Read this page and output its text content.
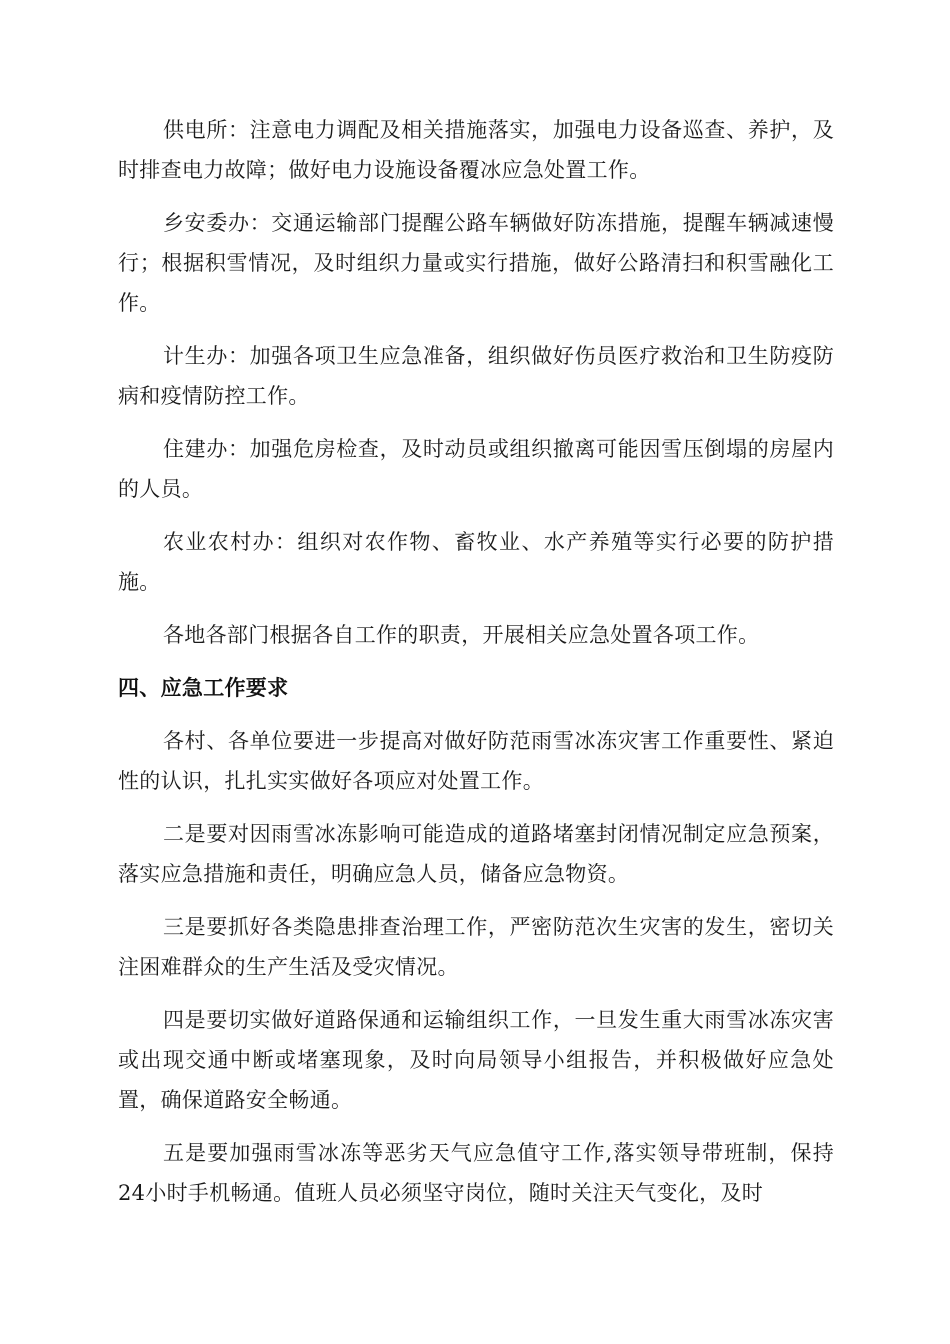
供电所：注意电力调配及相关措施落实，加强电力设备巡查、养护，及时排查电力故障；做好电力设施设备覆冰应急处置工作。

乡安委办：交通运输部门提醒公路车辆做好防冻措施，提醒车辆减速慢行；根据积雪情况，及时组织力量或实行措施，做好公路清扫和积雪融化工作。

计生办：加强各项卫生应急准备，组织做好伤员医疗救治和卫生防疫防病和疫情防控工作。

住建办：加强危房检查，及时动员或组织撤离可能因雪压倒塌的房屋内的人员。

农业农村办：组织对农作物、畜牧业、水产养殖等实行必要的防护措施。

各地各部门根据各自工作的职责，开展相关应急处置各项工作。

四、应急工作要求

各村、各单位要进一步提高对做好防范雨雪冰冻灾害工作重要性、紧迫性的认识，扎扎实实做好各项应对处置工作。

二是要对因雨雪冰冻影响可能造成的道路堵塞封闭情况制定应急预案，落实应急措施和责任，明确应急人员，储备应急物资。

三是要抓好各类隐患排查治理工作，严密防范次生灾害的发生，密切关注困难群众的生产生活及受灾情况。

四是要切实做好道路保通和运输组织工作，一旦发生重大雨雪冰冻灾害或出现交通中断或堵塞现象，及时向局领导小组报告，并积极做好应急处置，确保道路安全畅通。

五是要加强雨雪冰冻等恶劣天气应急值守工作,落实领导带班制，保持24小时手机畅通。值班人员必须坚守岗位，随时关注天气变化，及时
